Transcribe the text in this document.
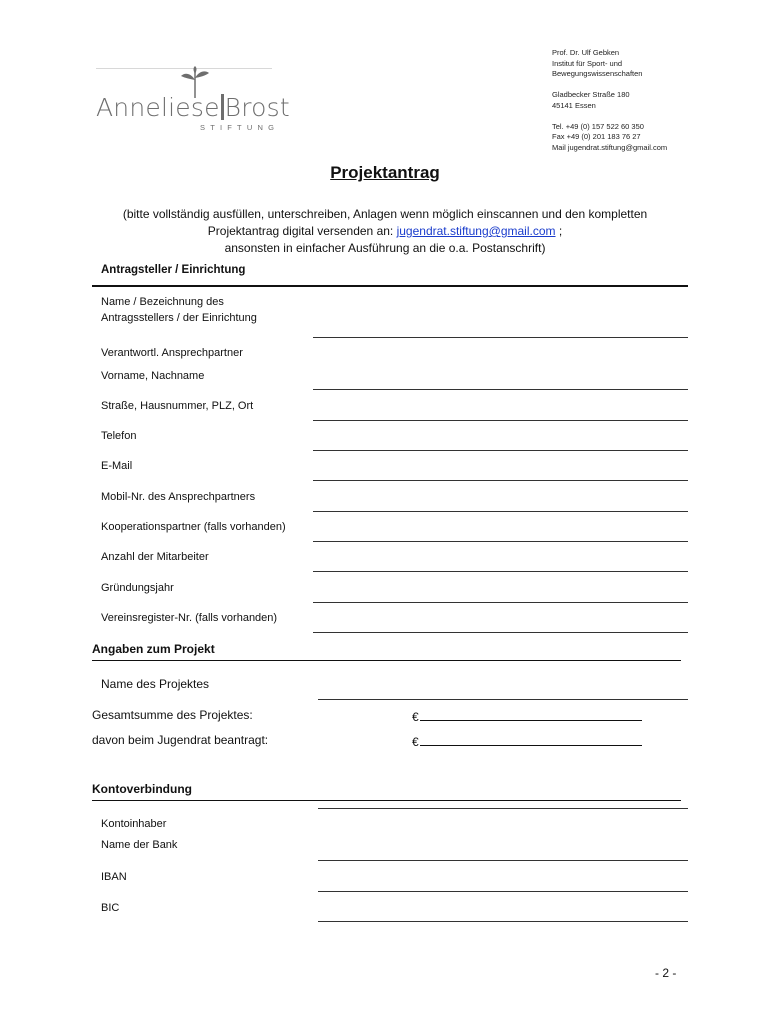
Anneliese Brost
STIFTUNG
Prof. Dr. Ulf Gebken
Institut für Sport- und
Bewegungswissenschaften
Gladbecker Straße 180
45141 Essen
Tel. +49 (0) 157 522 60 350
Fax +49 (0) 201 183 76 27
Mail jugendrat.stiftung@gmail.com
Projektantrag
(bitte vollständig ausfüllen, unterschreiben, Anlagen wenn möglich einscannen und den kompletten
Projektantrag digital versenden an: jugendrat.stiftung@gmail.com ;
ansonsten in einfacher Ausführung an die o.a. Postanschrift)
Antragsteller / Einrichtung
Name / Bezeichnung des
Antragsstellers / der Einrichtung
Verantwortl. Ansprechpartner
Vorname, Nachname
Straße, Hausnummer, PLZ, Ort
Telefon
E-Mail
Mobil-Nr. des Ansprechpartners
Kooperationspartner (falls vorhanden)
Anzahl der Mitarbeiter
Gründungsjahr
Vereinsregister-Nr. (falls vorhanden)
Angaben zum Projekt
Name des Projektes
Gesamtsumme des Projektes:	€
davon beim Jugendrat beantragt:	€
Kontoverbindung
Kontoinhaber
Name der Bank
IBAN
BIC
- 2 -
